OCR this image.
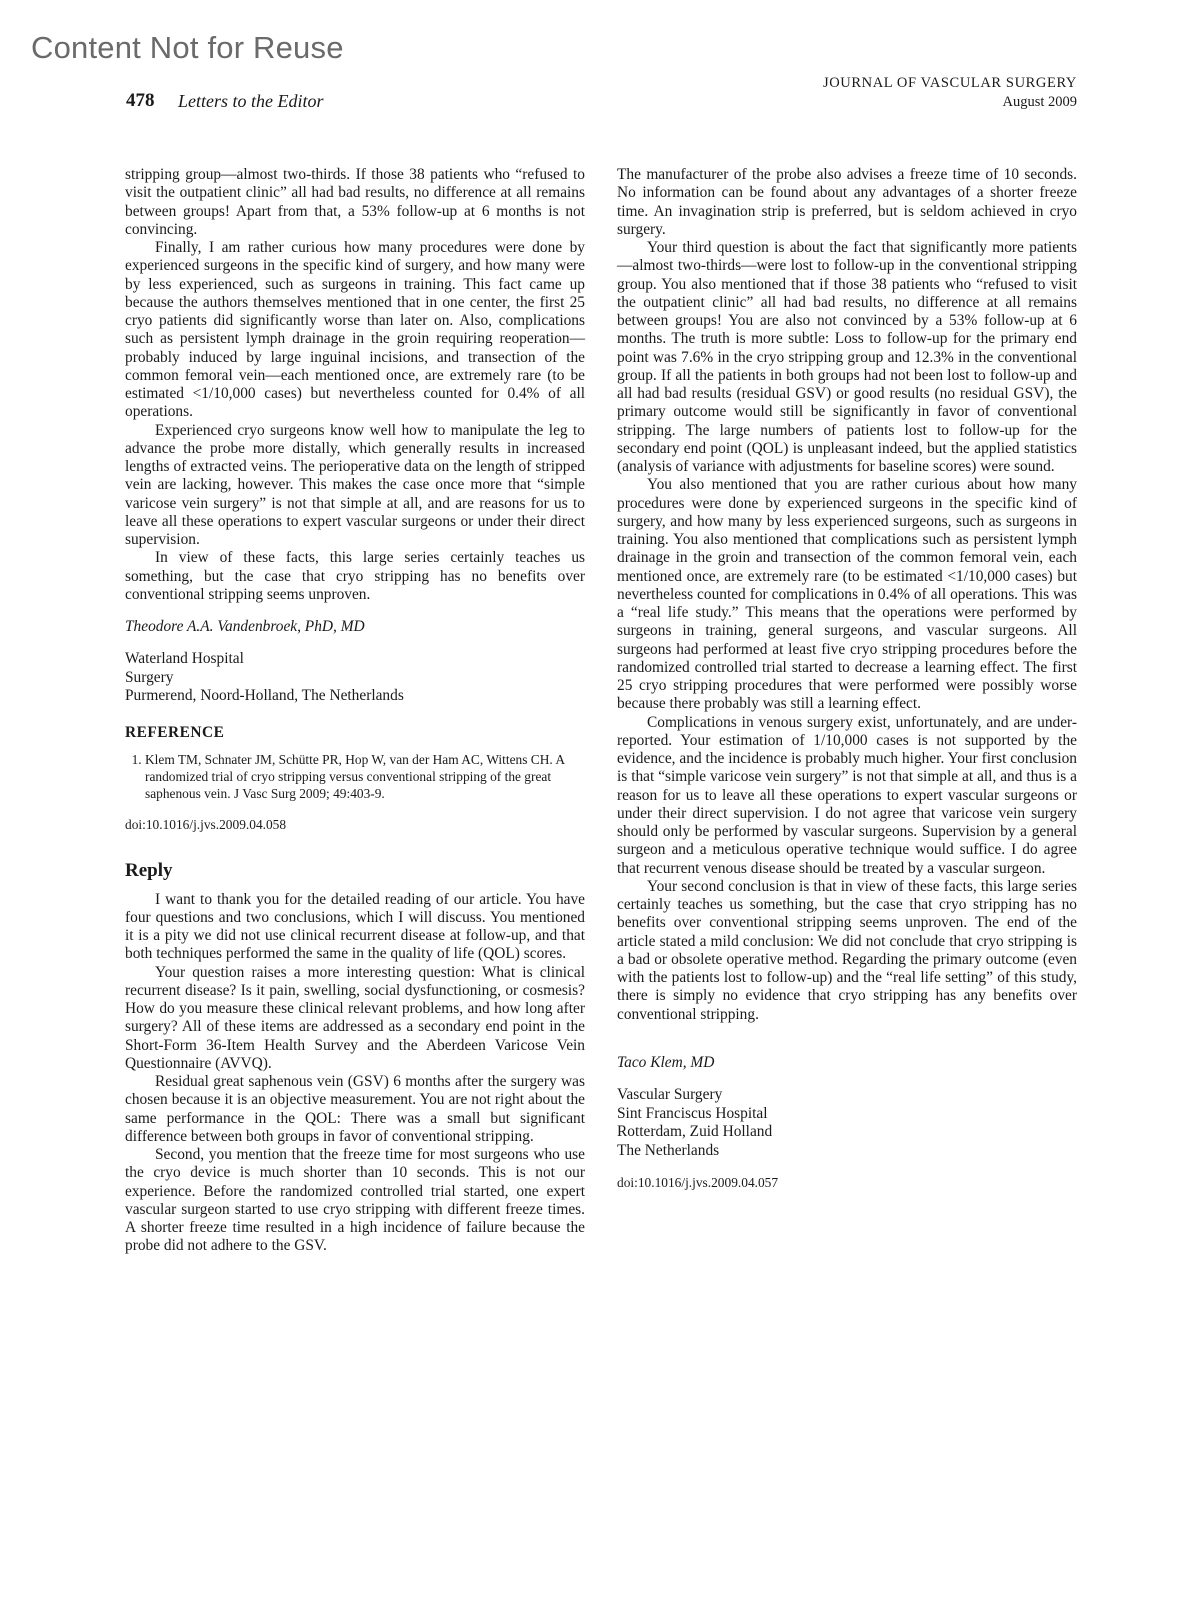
Content Not for Reuse
478 Letters to the Editor
JOURNAL OF VASCULAR SURGERY
August 2009

stripping group—almost two-thirds. If those 38 patients who “refused to visit the outpatient clinic” all had bad results, no difference at all remains between groups! Apart from that, a 53% follow-up at 6 months is not convincing.

Finally, I am rather curious how many procedures were done by experienced surgeons in the specific kind of surgery, and how many were by less experienced, such as surgeons in training. This fact came up because the authors themselves mentioned that in one center, the first 25 cryo patients did significantly worse than later on. Also, complications such as persistent lymph drainage in the groin requiring reoperation—probably induced by large inguinal incisions, and transection of the common femoral vein—each mentioned once, are extremely rare (to be estimated <1/10,000 cases) but nevertheless counted for 0.4% of all operations.

Experienced cryo surgeons know well how to manipulate the leg to advance the probe more distally, which generally results in increased lengths of extracted veins. The perioperative data on the length of stripped vein are lacking, however. This makes the case once more that “simple varicose vein surgery” is not that simple at all, and are reasons for us to leave all these operations to expert vascular surgeons or under their direct supervision.

In view of these facts, this large series certainly teaches us something, but the case that cryo stripping has no benefits over conventional stripping seems unproven.

Theodore A.A. Vandenbroek, PhD, MD
Waterland Hospital
Surgery
Purmerend, Noord-Holland, The Netherlands
REFERENCE
1. Klem TM, Schnater JM, Schütte PR, Hop W, van der Ham AC, Wittens CH. A randomized trial of cryo stripping versus conventional stripping of the great saphenous vein. J Vasc Surg 2009; 49:403-9.
doi:10.1016/j.jvs.2009.04.058
Reply

I want to thank you for the detailed reading of our article. You have four questions and two conclusions, which I will discuss. You mentioned it is a pity we did not use clinical recurrent disease at follow-up, and that both techniques performed the same in the quality of life (QOL) scores.

Your question raises a more interesting question: What is clinical recurrent disease? Is it pain, swelling, social dysfunctioning, or cosmesis? How do you measure these clinical relevant problems, and how long after surgery? All of these items are addressed as a secondary end point in the Short-Form 36-Item Health Survey and the Aberdeen Varicose Vein Questionnaire (AVVQ).

Residual great saphenous vein (GSV) 6 months after the surgery was chosen because it is an objective measurement. You are not right about the same performance in the QOL: There was a small but significant difference between both groups in favor of conventional stripping.

Second, you mention that the freeze time for most surgeons who use the cryo device is much shorter than 10 seconds. This is not our experience. Before the randomized controlled trial started, one expert vascular surgeon started to use cryo stripping with different freeze times. A shorter freeze time resulted in a high incidence of failure because the probe did not adhere to the GSV.

The manufacturer of the probe also advises a freeze time of 10 seconds. No information can be found about any advantages of a shorter freeze time. An invagination strip is preferred, but is seldom achieved in cryo surgery.

Your third question is about the fact that significantly more patients—almost two-thirds—were lost to follow-up in the conventional stripping group. You also mentioned that if those 38 patients who “refused to visit the outpatient clinic” all had bad results, no difference at all remains between groups! You are also not convinced by a 53% follow-up at 6 months. The truth is more subtle: Loss to follow-up for the primary end point was 7.6% in the cryo stripping group and 12.3% in the conventional group. If all the patients in both groups had not been lost to follow-up and all had bad results (residual GSV) or good results (no residual GSV), the primary outcome would still be significantly in favor of conventional stripping. The large numbers of patients lost to follow-up for the secondary end point (QOL) is unpleasant indeed, but the applied statistics (analysis of variance with adjustments for baseline scores) were sound.

You also mentioned that you are rather curious about how many procedures were done by experienced surgeons in the specific kind of surgery, and how many by less experienced surgeons, such as surgeons in training. You also mentioned that complications such as persistent lymph drainage in the groin and transection of the common femoral vein, each mentioned once, are extremely rare (to be estimated <1/10,000 cases) but nevertheless counted for complications in 0.4% of all operations. This was a “real life study.” This means that the operations were performed by surgeons in training, general surgeons, and vascular surgeons. All surgeons had performed at least five cryo stripping procedures before the randomized controlled trial started to decrease a learning effect. The first 25 cryo stripping procedures that were performed were possibly worse because there probably was still a learning effect.

Complications in venous surgery exist, unfortunately, and are under-reported. Your estimation of 1/10,000 cases is not supported by the evidence, and the incidence is probably much higher. Your first conclusion is that “simple varicose vein surgery” is not that simple at all, and thus is a reason for us to leave all these operations to expert vascular surgeons or under their direct supervision. I do not agree that varicose vein surgery should only be performed by vascular surgeons. Supervision by a general surgeon and a meticulous operative technique would suffice. I do agree that recurrent venous disease should be treated by a vascular surgeon.

Your second conclusion is that in view of these facts, this large series certainly teaches us something, but the case that cryo stripping has no benefits over conventional stripping seems unproven. The end of the article stated a mild conclusion: We did not conclude that cryo stripping is a bad or obsolete operative method. Regarding the primary outcome (even with the patients lost to follow-up) and the “real life setting” of this study, there is simply no evidence that cryo stripping has any benefits over conventional stripping.

Taco Klem, MD
Vascular Surgery
Sint Franciscus Hospital
Rotterdam, Zuid Holland
The Netherlands
doi:10.1016/j.jvs.2009.04.057
